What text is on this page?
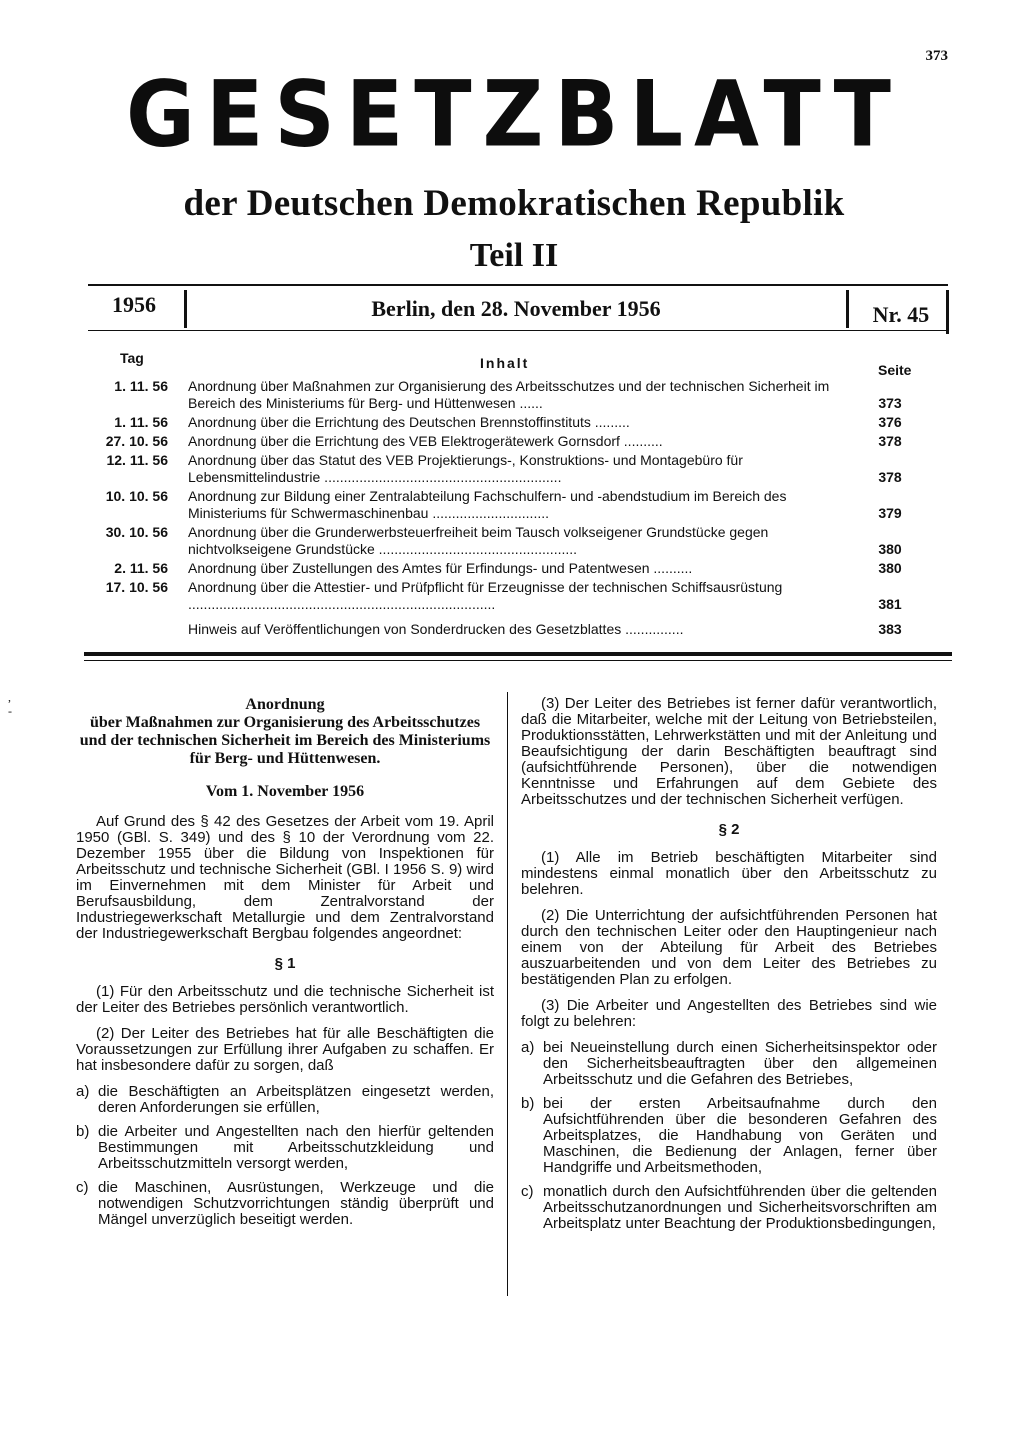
373
GESETZBLATT
der Deutschen Demokratischen Republik
Teil II
1956	Berlin, den 28. November 1956	Nr. 45
Tag	Inhalt	Seite
1. 11. 56	Anordnung über Maßnahmen zur Organisierung des Arbeitsschutzes und der technischen Sicherheit im Bereich des Ministeriums für Berg- und Hüttenwesen ......	373
1. 11. 56	Anordnung über die Errichtung des Deutschen Brennstoffinstituts .........	376
27. 10. 56	Anordnung über die Errichtung des VEB Elektrogerätewerk Gornsdorf ..........	378
12. 11. 56	Anordnung über das Statut des VEB Projektierungs-, Konstruktions- und Montagebüro für Lebensmittelindustrie .............................................................	378
10. 10. 56	Anordnung zur Bildung einer Zentralabteilung Fachschulfern- und -abendstudium im Bereich des Ministeriums für Schwermaschinenbau ..............................	379
30. 10. 56	Anordnung über die Grunderwerbsteuerfreiheit beim Tausch volkseigener Grundstücke gegen nichtvolkseigene Grundstücke ...................................................	380
2. 11. 56	Anordnung über Zustellungen des Amtes für Erfindungs- und Patentwesen ..........	380
17. 10. 56	Anordnung über die Attestier- und Prüfpflicht für Erzeugnisse der technischen Schiffsausrüstung ...............................................................................	381
Hinweis auf Veröffentlichungen von Sonderdrucken des Gesetzblattes ...............	383
,
-	Anordnung

über Maßnahmen zur Organisierung des Arbeitsschutzes und der technischen Sicherheit im Bereich des Ministeriums für Berg- und Hüttenwesen.

Vom 1. November 1956

Auf Grund des § 42 des Gesetzes der Arbeit vom 19. April 1950 (GBl. S. 349) und des § 10 der Verordnung vom 22. Dezember 1955 über die Bildung von Inspektionen für Arbeitsschutz und technische Sicherheit (GBl. I 1956 S. 9) wird im Einvernehmen mit dem Minister für Arbeit und Berufsausbildung, dem Zentralvorstand der Industriegewerkschaft Metallurgie und dem Zentralvorstand der Industriegewerkschaft Bergbau folgendes angeordnet:

§ 1

(1) Für den Arbeitsschutz und die technische Sicherheit ist der Leiter des Betriebes persönlich verantwortlich.

(2) Der Leiter des Betriebes hat für alle Beschäftigten die Voraussetzungen zur Erfüllung ihrer Aufgaben zu schaffen. Er hat insbesondere dafür zu sorgen, daß

a) die Beschäftigten an Arbeitsplätzen eingesetzt werden, deren Anforderungen sie erfüllen,
b) die Arbeiter und Angestellten nach den hierfür geltenden Bestimmungen mit Arbeitsschutzkleidung und Arbeitsschutzmitteln versorgt werden,
c) die Maschinen, Ausrüstungen, Werkzeuge und die notwendigen Schutzvorrichtungen ständig überprüft und Mängel unverzüglich beseitigt werden.

(3) Der Leiter des Betriebes ist ferner dafür verantwortlich, daß die Mitarbeiter, welche mit der Leitung von Betriebsteilen, Produktionsstätten, Lehrwerkstätten und mit der Anleitung und Beaufsichtigung der darin Beschäftigten beauftragt sind (aufsichtführende Personen), über die notwendigen Kenntnisse und Erfahrungen auf dem Gebiete des Arbeitsschutzes und der technischen Sicherheit verfügen.

§ 2

(1) Alle im Betrieb beschäftigten Mitarbeiter sind mindestens einmal monatlich über den Arbeitsschutz zu belehren.

(2) Die Unterrichtung der aufsichtführenden Personen hat durch den technischen Leiter oder den Hauptingenieur nach einem von der Abteilung für Arbeit des Betriebes auszuarbeitenden und von dem Leiter des Betriebes zu bestätigenden Plan zu erfolgen.

(3) Die Arbeiter und Angestellten des Betriebes sind wie folgt zu belehren:

a) bei Neueinstellung durch einen Sicherheitsinspektor oder den Sicherheitsbeauftragten über den allgemeinen Arbeitsschutz und die Gefahren des Betriebes,
b) bei der ersten Arbeitsaufnahme durch den Aufsichtführenden über die besonderen Gefahren des Arbeitsplatzes, die Handhabung von Geräten und Maschinen, die Bedienung der Anlagen, ferner über Handgriffe und Arbeitsmethoden,
c) monatlich durch den Aufsichtführenden über die geltenden Arbeitsschutzanordnungen und Sicherheitsvorschriften am Arbeitsplatz unter Beachtung der Produktionsbedingungen,
